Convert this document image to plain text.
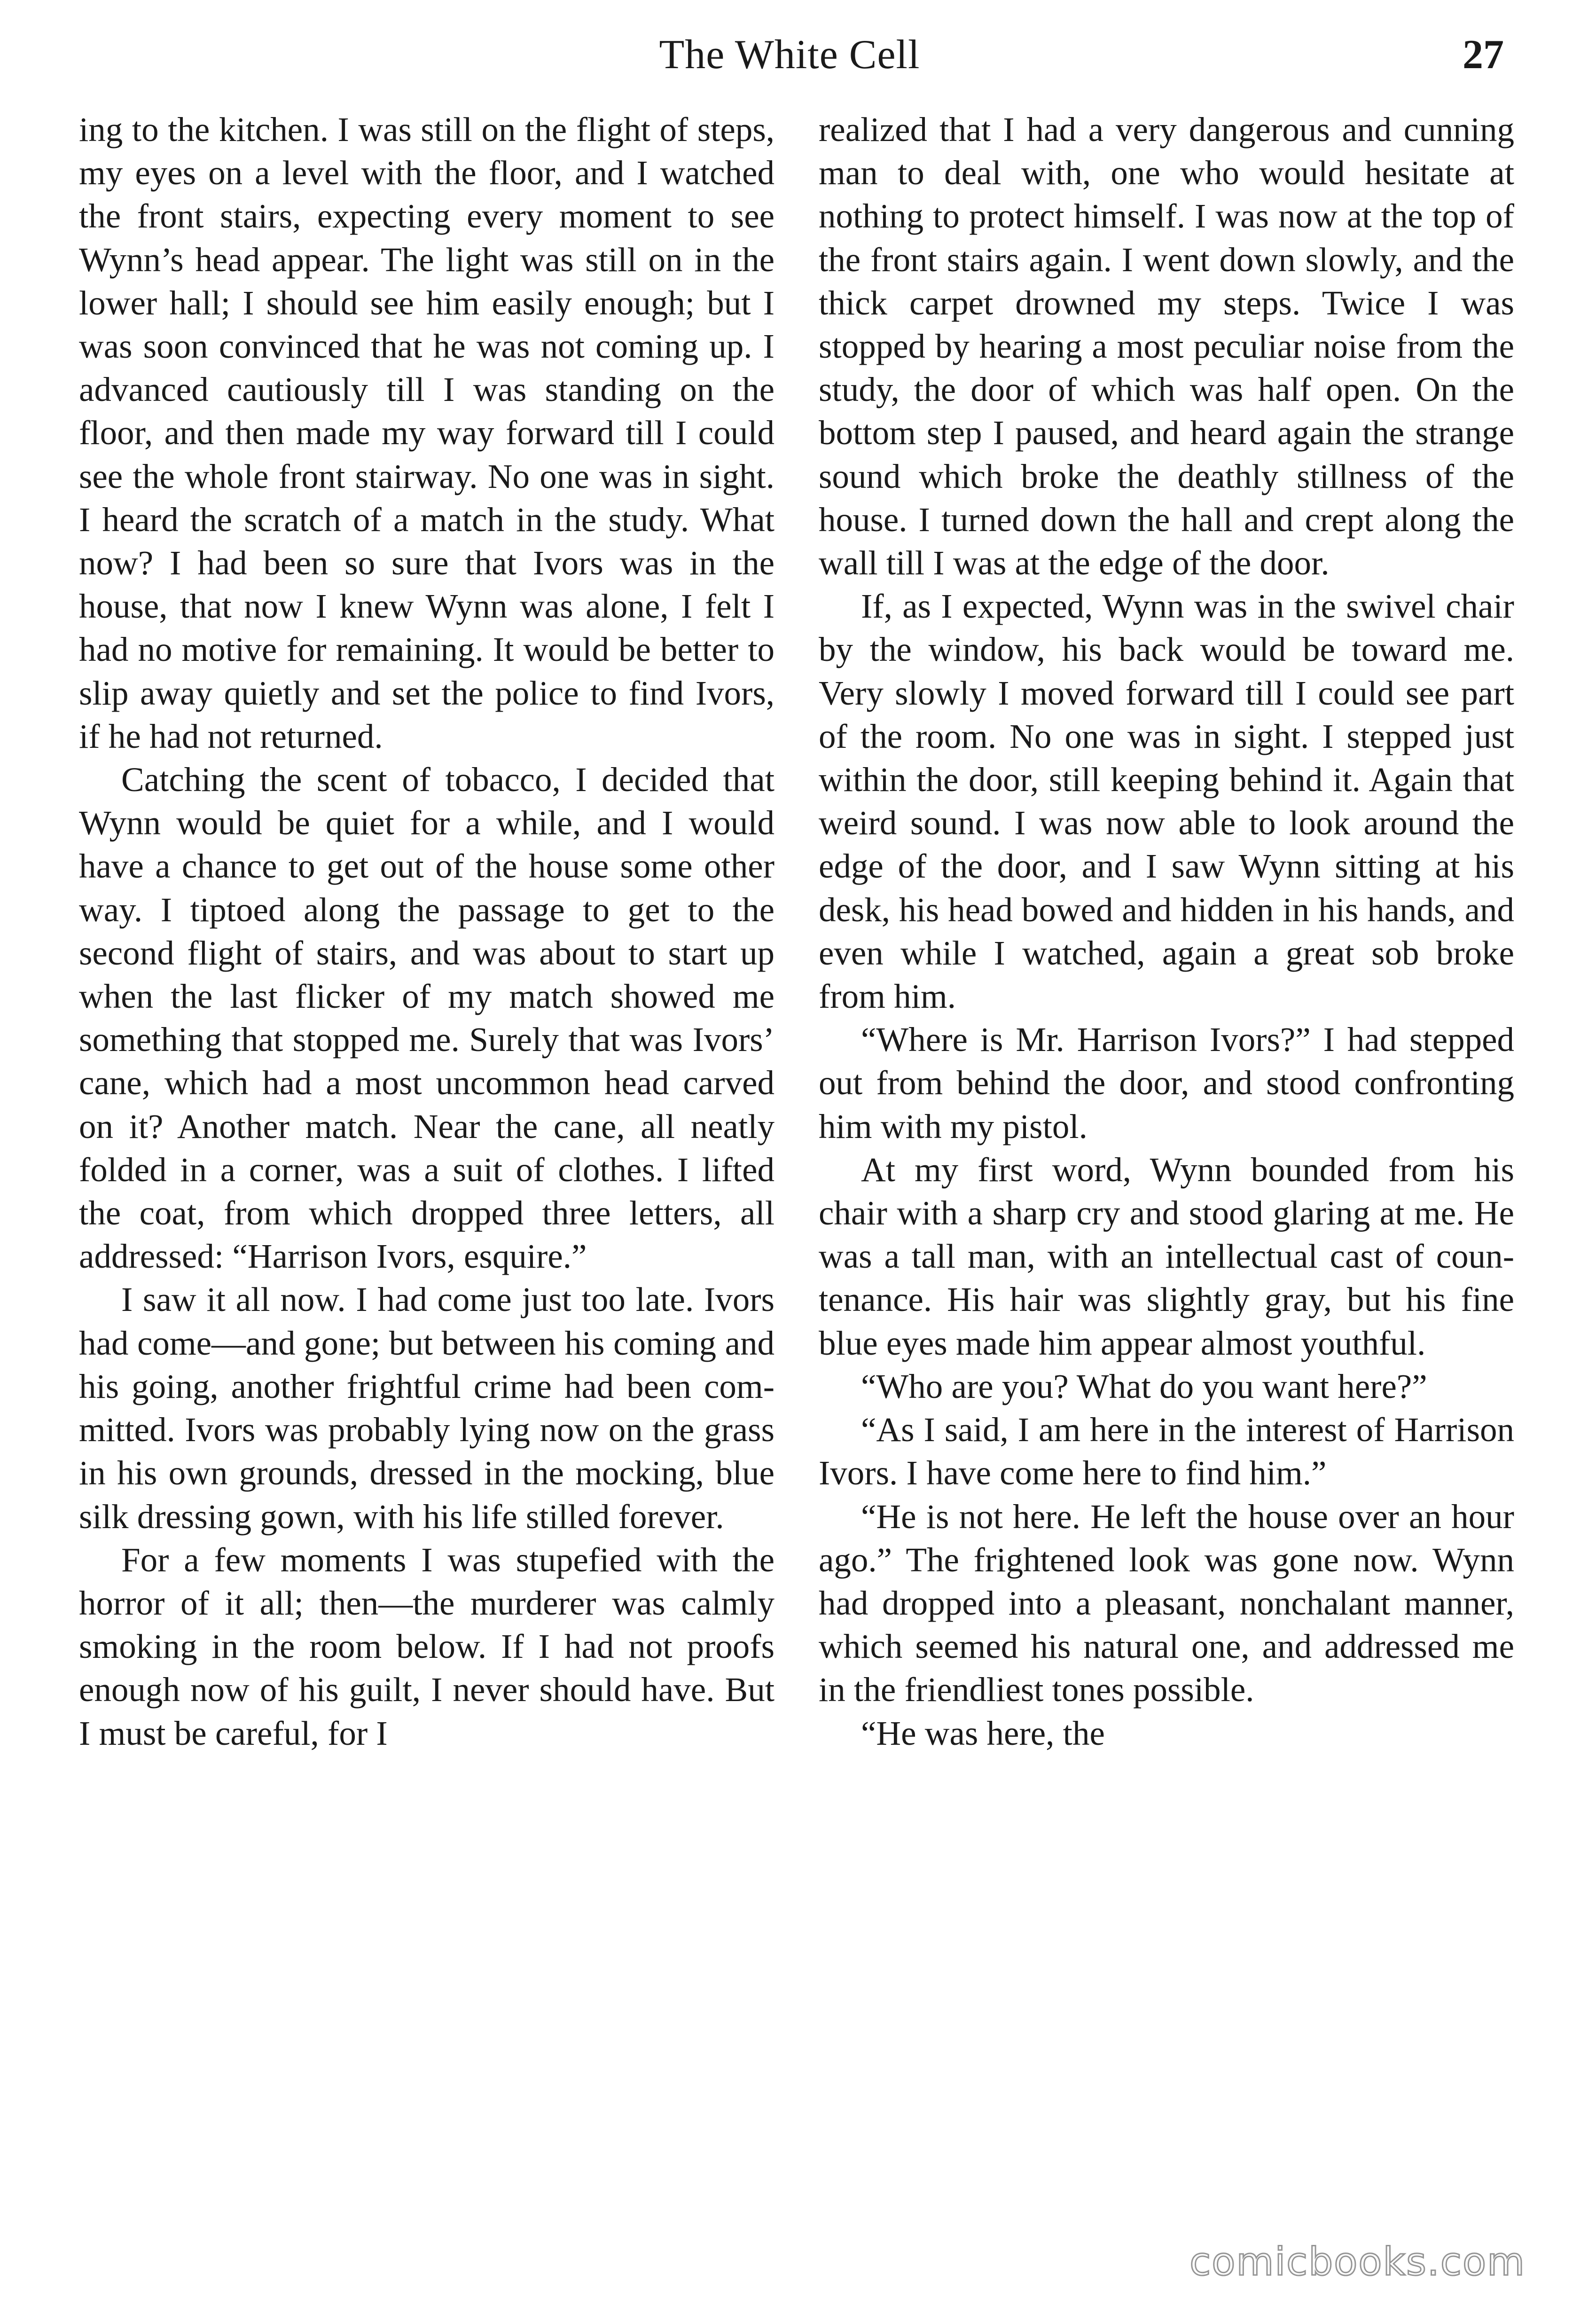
The White Cell	27

ing to the kitchen. I was still on the flight of steps, my eyes on a level with the floor, and I watched the front stairs, expecting every moment to see Wynn’s head appear. The light was still on in the lower hall; I should see him easily enough; but I was soon convinced that he was not coming up. I advanced cautiously till I was standing on the floor, and then made my way forward till I could see the whole front stairway. No one was in sight. I heard the scratch of a match in the study. What now? I had been so sure that Ivors was in the house, that now I knew Wynn was alone, I felt I had no motive for remaining. It would be better to slip away quietly and set the police to find Ivors, if he had not returned.

Catching the scent of tobacco, I decided that Wynn would be quiet for a while, and I would have a chance to get out of the house some other way. I tiptoed along the passage to get to the second flight of stairs, and was about to start up when the last flicker of my match showed me something that stopped me. Surely that was Ivors’ cane, which had a most uncommon head carved on it? Another match. Near the cane, all neatly folded in a corner, was a suit of clothes. I lifted the coat, from which dropped three letters, all addressed: “Harrison Ivors, esquire.”

I saw it all now. I had come just too late. Ivors had come—and gone; but between his coming and his going, another frightful crime had been committed. Ivors was probably lying now on the grass in his own grounds, dressed in the mocking, blue silk dressing gown, with his life stilled forever.

For a few moments I was stupefied with the horror of it all; then—the murderer was calmly smoking in the room below. If I had not proofs enough now of his guilt, I never should have. But I must be careful, for I

realized that I had a very dangerous and cunning man to deal with, one who would hesitate at nothing to protect himself. I was now at the top of the front stairs again. I went down slowly, and the thick carpet drowned my steps. Twice I was stopped by hearing a most peculiar noise from the study, the door of which was half open. On the bottom step I paused, and heard again the strange sound which broke the deathly stillness of the house. I turned down the hall and crept along the wall till I was at the edge of the door.

If, as I expected, Wynn was in the swivel chair by the window, his back would be toward me. Very slowly I moved forward till I could see part of the room. No one was in sight. I stepped just within the door, still keeping behind it. Again that weird sound. I was now able to look around the edge of the door, and I saw Wynn sitting at his desk, his head bowed and hidden in his hands, and even while I watched, again a great sob broke from him.

“Where is Mr. Harrison Ivors?” I had stepped out from behind the door, and stood confronting him with my pistol.

At my first word, Wynn bounded from his chair with a sharp cry and stood glaring at me. He was a tall man, with an intellectual cast of countenance. His hair was slightly gray, but his fine blue eyes made him appear almost youthful.

“Who are you? What do you want here?”

“As I said, I am here in the interest of Harrison Ivors. I have come here to find him.”

“He is not here. He left the house over an hour ago.” The frightened look was gone now. Wynn had dropped into a pleasant, nonchalant manner, which seemed his natural one, and addressed me in the friendliest tones possible.

“He was here, the

comicbooks.com
